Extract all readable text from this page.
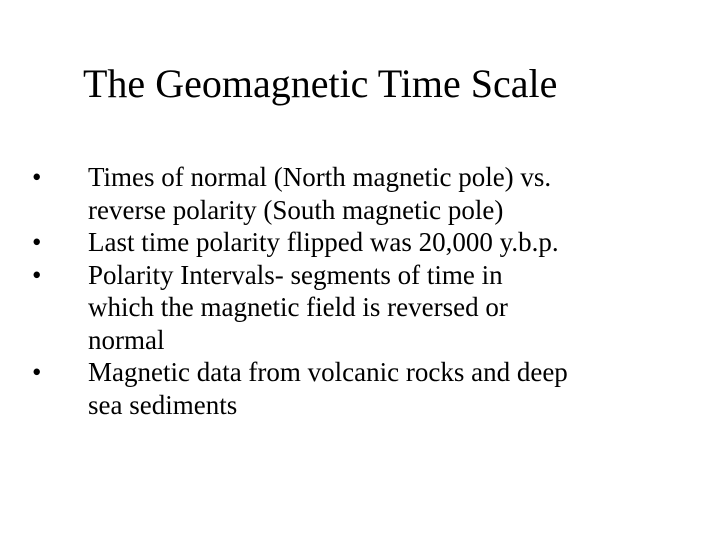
The Geomagnetic Time Scale
•	Times of normal (North magnetic pole) vs.
reverse polarity (South magnetic pole)
•	Last time polarity flipped was 20,000 y.b.p.
•	Polarity Intervals- segments of time in
which the magnetic field is reversed or
normal
•	Magnetic data from volcanic rocks and deep
sea sediments
